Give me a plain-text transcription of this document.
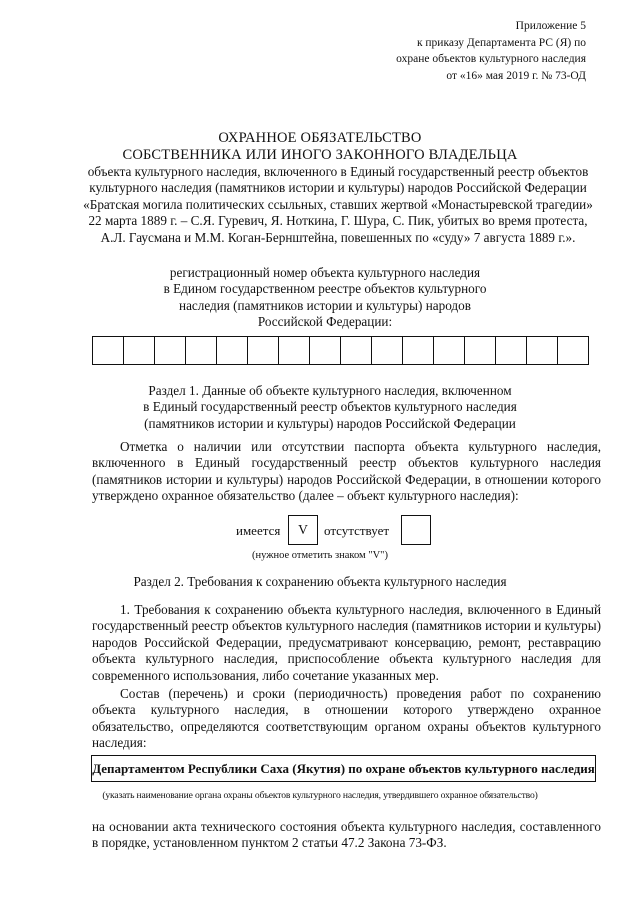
Приложение 5
к приказу Департамента РС (Я) по
охране объектов культурного наследия
от «16» мая 2019 г. № 73-ОД
ОХРАННОЕ ОБЯЗАТЕЛЬСТВО
СОБСТВЕННИКА ИЛИ ИНОГО ЗАКОННОГО ВЛАДЕЛЬЦА
объекта культурного наследия, включенного в Единый государственный реестр объектов
культурного наследия (памятников истории и культуры) народов Российской Федерации
«Братская могила политических ссыльных, ставших жертвой «Монастыревской трагедии»
22 марта 1889 г. – С.Я. Гуревич, Я. Ноткина, Г. Шура, С. Пик, убитых во время протеста,
А.Л. Гаусмана и М.М. Коган-Бернштейна, повешенных по «суду» 7 августа 1889 г.».
регистрационный номер объекта культурного наследия
в Едином государственном реестре объектов культурного
наследия (памятников истории и культуры) народов
Российской Федерации:
Раздел 1. Данные об объекте культурного наследия, включенном
в Единый государственный реестр объектов культурного наследия
(памятников истории и культуры) народов Российской Федерации
Отметка о наличии или отсутствии паспорта объекта культурного наследия,
включенного в Единый государственный реестр объектов культурного наследия
(памятников истории и культуры) народов Российской Федерации, в отношении которого
утверждено охранное обязательство (далее – объект культурного наследия):
имеется	V	отсутствует
(нужное отметить знаком "V")
Раздел 2. Требования к сохранению объекта культурного наследия
1. Требования к сохранению объекта культурного наследия, включенного в Единый
государственный реестр объектов культурного наследия (памятников истории и культуры)
народов Российской Федерации, предусматривают консервацию, ремонт, реставрацию
объекта культурного наследия, приспособление объекта культурного наследия для
современного использования, либо сочетание указанных мер.
Состав (перечень) и сроки (периодичность) проведения работ по сохранению
объекта культурного наследия, в отношении которого утверждено охранное
обязательство, определяются соответствующим органом охраны объектов культурного
наследия:
Департаментом Республики Саха (Якутия) по охране объектов культурного наследия
(указать наименование органа охраны объектов культурного наследия, утвердившего охранное обязательство)
на основании акта технического состояния объекта культурного наследия, составленного
в порядке, установленном пунктом 2 статьи 47.2 Закона 73-ФЗ.
